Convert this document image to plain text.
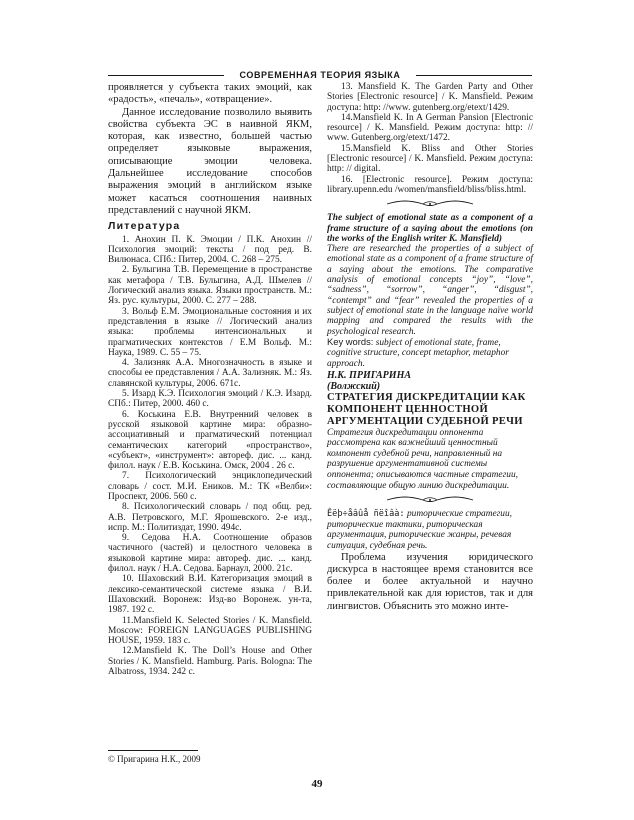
СОВРЕМЕННАЯ ТЕОРИЯ ЯЗЫКА

проявляется у субъекта таких эмоций, как «радость», «печаль», «отвращение».

Данное исследование позволило выявить свойства субъекта ЭС в наивной ЯКМ, которая, как известно, большей частью определяет языковые выражения, описывающие эмоции человека. Дальнейшее исследование способов выражения эмоций в английском языке может касаться соотношения наивных представлений с научной ЯКМ.

Литература

1. Анохин П. К. Эмоции / П.К. Анохин // Психология эмоций: тексты / под ред. В. Вилюнаса. СПб.: Питер, 2004. С. 268 – 275.

2. Булыгина Т.В. Перемещение в пространстве как метафора / Т.В. Булыгина, А.Д. Шмелев // Логический анализ языка. Языки пространств. М.: Яз. рус. культуры, 2000. С. 277 – 288.

3. Вольф Е.М. Эмоциональные состояния и их представления в языке // Логический анализ языка: проблемы интенсиональных и прагматических контекстов / Е.М Вольф. М.: Наука, 1989. С. 55 – 75.

4. Зализняк А.А. Многозначность в языке и способы ее представления / А.А. Зализняк. М.: Яз. славянской культуры, 2006. 671с.

5. Изард К.Э. Психология эмоций / К.Э. Изард. СПб.: Питер, 2000. 460 с.

6. Коськина Е.В. Внутренний человек в русской языковой картине мира: образно-ассоциативный и прагматический потенциал семантических категорий «пространство», «субъект», «инструмент»: автореф. дис. ... канд. филол. наук / Е.В. Коськина. Омск, 2004 . 26 с.

7. Психологический энциклопедический словарь / сост. М.И. Еников. М.: ТК «Велби»: Проспект, 2006. 560 с.

8. Психологический словарь / под общ. ред. А.В. Петровского, М.Г. Ярошевского. 2-е изд., испр. М.: Политиздат, 1990. 494с.

9. Седова Н.А. Соотношение образов частичного (частей) и целостного человека в языковой картине мира: автореф. дис. ... канд. филол. наук / Н.А. Седова. Барнаул, 2000. 21с.

10. Шаховский В.И. Категоризация эмоций в лексико-семантической системе языка / В.И. Шаховский. Воронеж: Изд-во Воронеж. ун-та, 1987. 192 с.

11.Mansfield K. Selected Stories / K. Mansfield. Moscow: FOREIGN LANGUAGES PUBLISHING HOUSE, 1959. 183 c.

12.Mansfield K. The Doll’s House and Other Stories / K. Mansfield. Hamburg. Paris. Bologna: The Albatross, 1934. 242 c.

13. Mansfield K. The Garden Party and Other Stories [Electronic resource] / K. Mansfield. Режим доступа: http: //www. gutenberg.org/etext/1429.

14.Mansfield K. In A German Pansion [Electronic resource] / K. Mansfield. Режим доступа: http: // www. Gutenberg.org/etext/1472.

15.Mansfield K. Bliss and Other Stories [Electronic resource] / K. Mansfield. Режим доступа: http: // digital.

16. [Electronic resource]. Режим доступа: library.upenn.edu /women/mansfield/bliss/bliss.html.

The subject of emotional state as a component of a frame structure of a saying about the emotions (on the works of the English writer K. Mansfield)

There are researched the properties of a subject of emotional state as a component of a frame structure of a saying about the emotions. The comparative analysis of emotional concepts “joy”, “love”, “sadness”, “sorrow”, “anger”, “disgust”, “contempt” and “fear” revealed the properties of a subject of emotional state in the language naïve world mapping and compared the results with the psychological research.

Key words: subject of emotional state, frame, cognitive structure, concept metaphor, metaphor approach.

Н.К. ПРИГАРИНА

(Волжский)

СТРАТЕГИЯ ДИСКРЕДИТАЦИИ КАК КОМПОНЕНТ ЦЕННОСТНОЙ АРГУМЕНТАЦИИ СУДЕБНОЙ РЕЧИ

Стратегия дискредитации оппонента рассмотрена как важнейший ценностный компонент судебной речи, направленный на разрушение аргументативной системы оппонента; описываются частные стратегии, составляющие общую линию дискредитации.

Êëþ÷åâûå ñëîâà: риторические стратегии, риторические тактики, риторическая аргументация, риторические жанры, речевая ситуация, судебная речь.

Проблема изучения юридического дискурса в настоящее время становится все более и более актуальной и научно привлекательной как для юристов, так и для лингвистов. Объяснить это можно инте-

© Пригарина Н.К., 2009
49
